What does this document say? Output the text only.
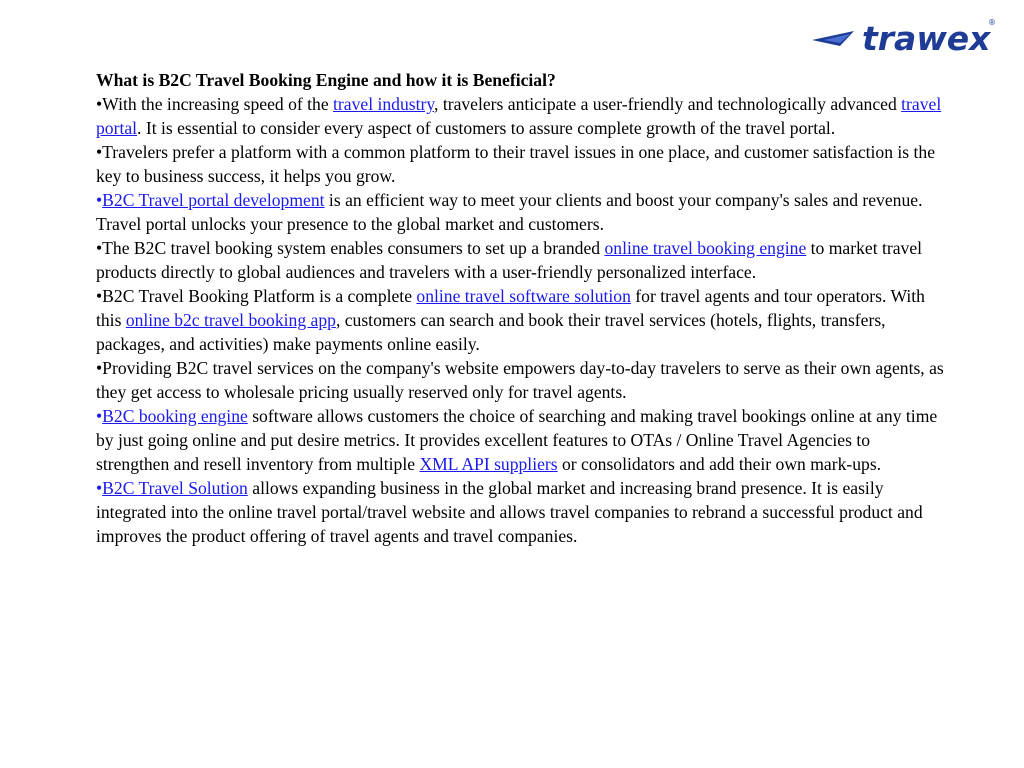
trawex
®

What is B2C Travel Booking Engine and how it is Beneficial?

•With the increasing speed of the travel industry, travelers anticipate a user-friendly and technologically advanced travel portal. It is essential to consider every aspect of customers to assure complete growth of the travel portal.

•Travelers prefer a platform with a common platform to their travel issues in one place, and customer satisfaction is the key to business success, it helps you grow.

•B2C Travel portal development is an efficient way to meet your clients and boost your company's sales and revenue. Travel portal unlocks your presence to the global market and customers.

•The B2C travel booking system enables consumers to set up a branded online travel booking engine to market travel products directly to global audiences and travelers with a user-friendly personalized interface.

•B2C Travel Booking Platform is a complete online travel software solution for travel agents and tour operators. With this online b2c travel booking app, customers can search and book their travel services (hotels, flights, transfers, packages, and activities) make payments online easily.

•Providing B2C travel services on the company's website empowers day-to-day travelers to serve as their own agents, as they get access to wholesale pricing usually reserved only for travel agents.

•B2C booking engine software allows customers the choice of searching and making travel bookings online at any time by just going online and put desire metrics. It provides excellent features to OTAs / Online Travel Agencies to strengthen and resell inventory from multiple XML API suppliers or consolidators and add their own mark-ups.

•B2C Travel Solution allows expanding business in the global market and increasing brand presence. It is easily integrated into the online travel portal/travel website and allows travel companies to rebrand a successful product and improves the product offering of travel agents and travel companies.
